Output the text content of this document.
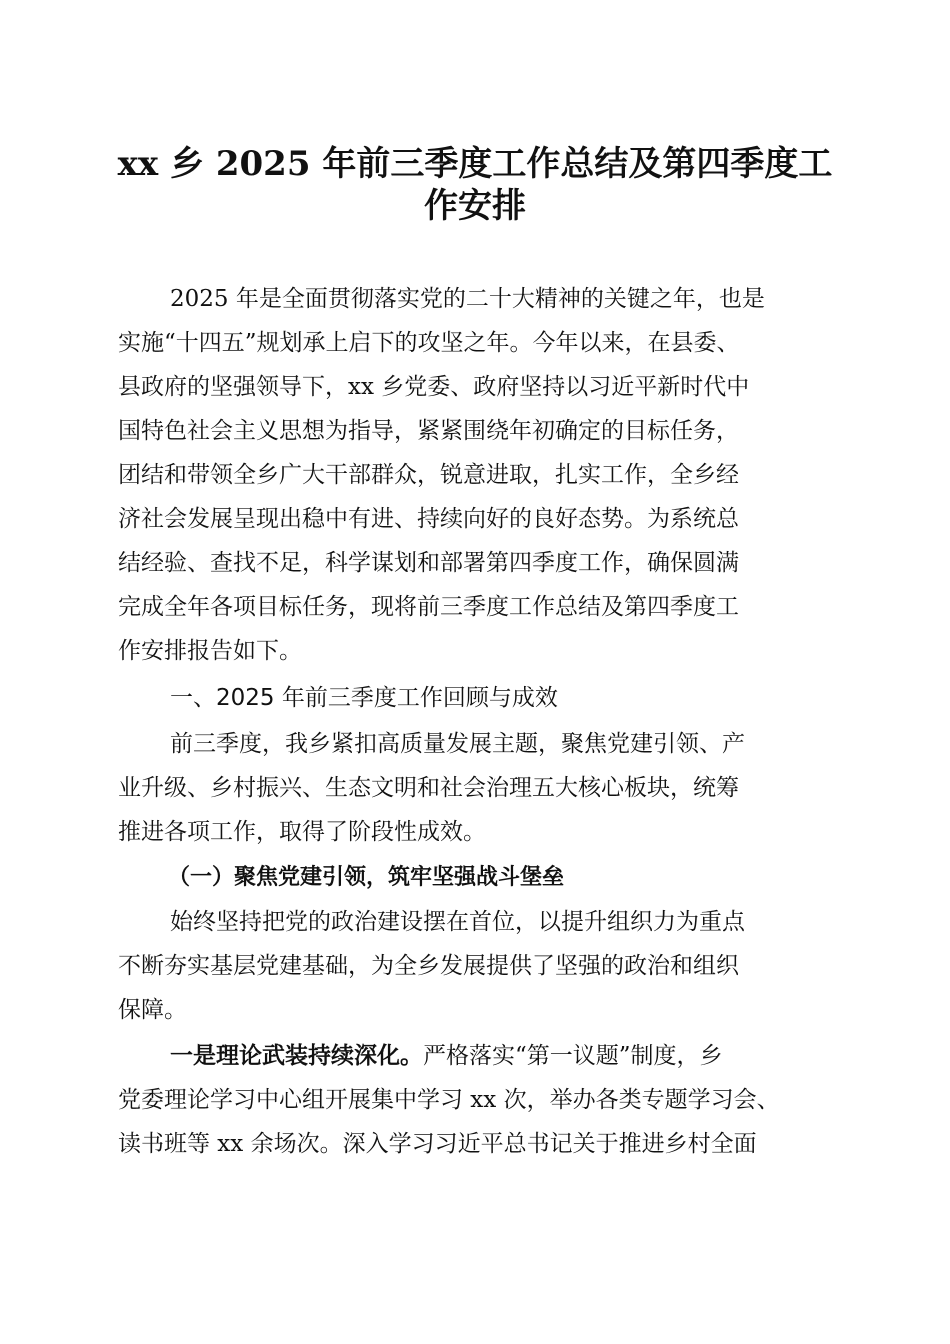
xx 乡 2025 年前三季度工作总结及第四季度工
作安排
2025 年是全面贯彻落实党的二十大精神的关键之年，也是
实施“十四五”规划承上启下的攻坚之年。今年以来，在县委、
县政府的坚强领导下，xx 乡党委、政府坚持以习近平新时代中
国特色社会主义思想为指导，紧紧围绕年初确定的目标任务，
团结和带领全乡广大干部群众，锐意进取，扎实工作，全乡经
济社会发展呈现出稳中有进、持续向好的良好态势。为系统总
结经验、查找不足，科学谋划和部署第四季度工作，确保圆满
完成全年各项目标任务，现将前三季度工作总结及第四季度工
作安排报告如下。
一、2025 年前三季度工作回顾与成效
前三季度，我乡紧扣高质量发展主题，聚焦党建引领、产
业升级、乡村振兴、生态文明和社会治理五大核心板块，统筹
推进各项工作，取得了阶段性成效。
（一）聚焦党建引领，筑牢坚强战斗堡垒
始终坚持把党的政治建设摆在首位，以提升组织力为重点
不断夯实基层党建基础，为全乡发展提供了坚强的政治和组织
保障。
一是理论武装持续深化。严格落实“第一议题”制度，乡
党委理论学习中心组开展集中学习 xx 次，举办各类专题学习会、
读书班等 xx 余场次。深入学习习近平总书记关于推进乡村全面
